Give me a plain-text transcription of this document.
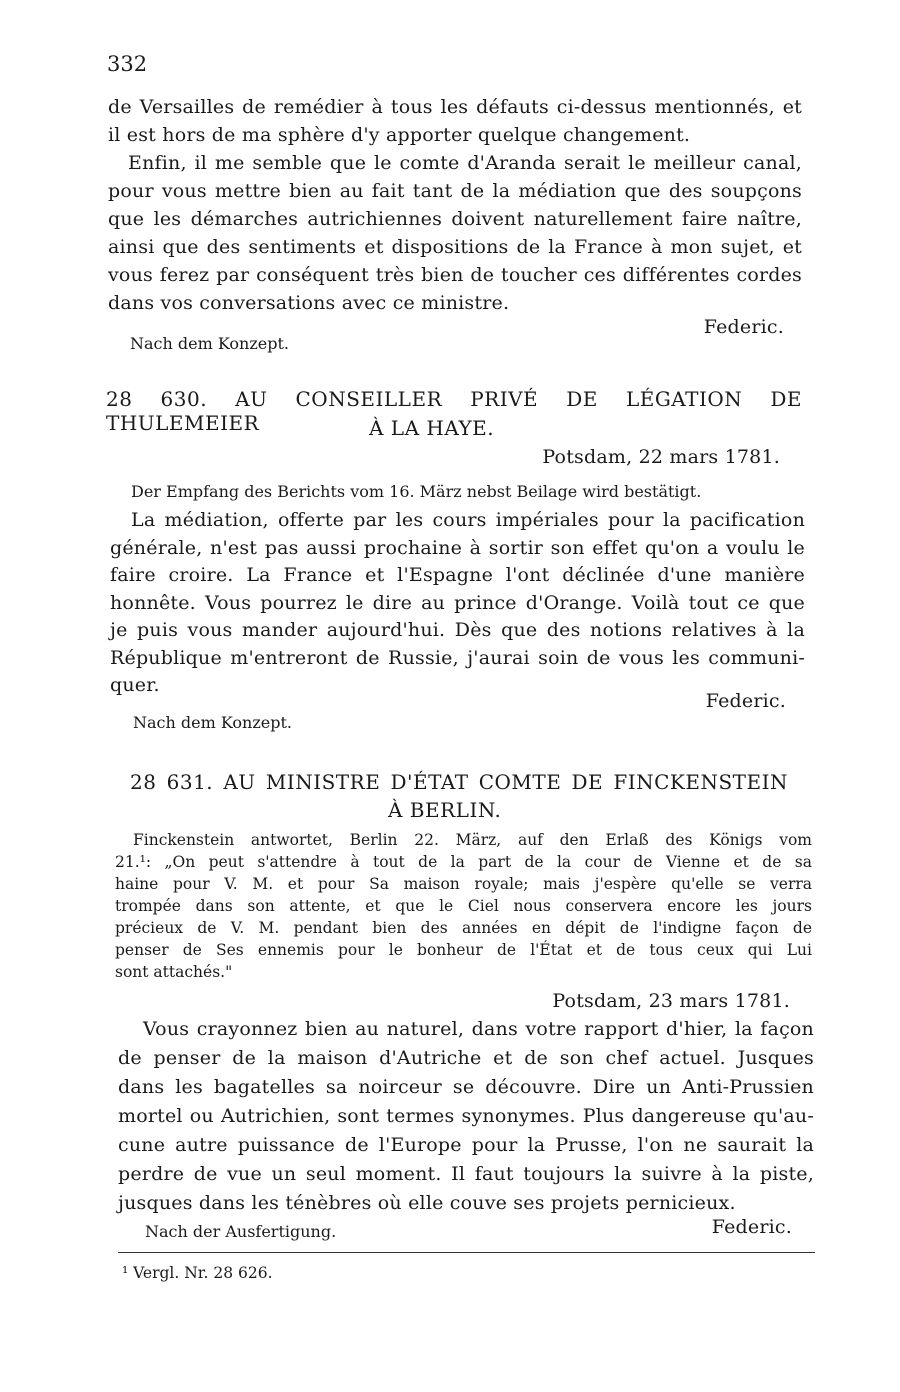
332
de Versailles de remédier à tous les défauts ci-dessus mentionnés, et
il est hors de ma sphère d'y apporter quelque changement.
Enfin, il me semble que le comte d'Aranda serait le meilleur canal,
pour vous mettre bien au fait tant de la médiation que des soupçons
que les démarches autrichiennes doivent naturellement faire naître,
ainsi que des sentiments et dispositions de la France à mon sujet, et
vous ferez par conséquent très bien de toucher ces différentes cordes
dans vos conversations avec ce ministre.
Federic.
Nach dem Konzept.
28 630. AU CONSEILLER PRIVÉ DE LÉGATION DE THULEMEIER	À LA HAYE.
Potsdam, 22 mars 1781.
Der Empfang des Berichts vom 16. März nebst Beilage wird bestätigt.
La médiation, offerte par les cours impériales pour la pacification
générale, n'est pas aussi prochaine à sortir son effet qu'on a voulu le
faire croire. La France et l'Espagne l'ont déclinée d'une manière
honnête. Vous pourrez le dire au prince d'Orange. Voilà tout ce que
je puis vous mander aujourd'hui. Dès que des notions relatives à la
République m'entreront de Russie, j'aurai soin de vous les communi-
quer.
Federic.
Nach dem Konzept.
28 631. AU MINISTRE D'ÉTAT COMTE DE FINCKENSTEIN
À BERLIN.
Finckenstein antwortet, Berlin 22. März, auf den Erlaß des Königs vom
21.¹: „On peut s'attendre à tout de la part de la cour de Vienne et de sa
haine pour V. M. et pour Sa maison royale; mais j'espère qu'elle se verra
trompée dans son attente, et que le Ciel nous conservera encore les jours
précieux de V. M. pendant bien des années en dépit de l'indigne façon de
penser de Ses ennemis pour le bonheur de l'État et de tous ceux qui Lui
sont attachés."
Potsdam, 23 mars 1781.
Vous crayonnez bien au naturel, dans votre rapport d'hier, la façon
de penser de la maison d'Autriche et de son chef actuel. Jusques
dans les bagatelles sa noirceur se découvre. Dire un Anti-Prussien
mortel ou Autrichien, sont termes synonymes. Plus dangereuse qu'au-
cune autre puissance de l'Europe pour la Prusse, l'on ne saurait la
perdre de vue un seul moment. Il faut toujours la suivre à la piste,
jusques dans les ténèbres où elle couve ses projets pernicieux.
Nach der Ausfertigung.	Federic.
¹ Vergl. Nr. 28 626.
